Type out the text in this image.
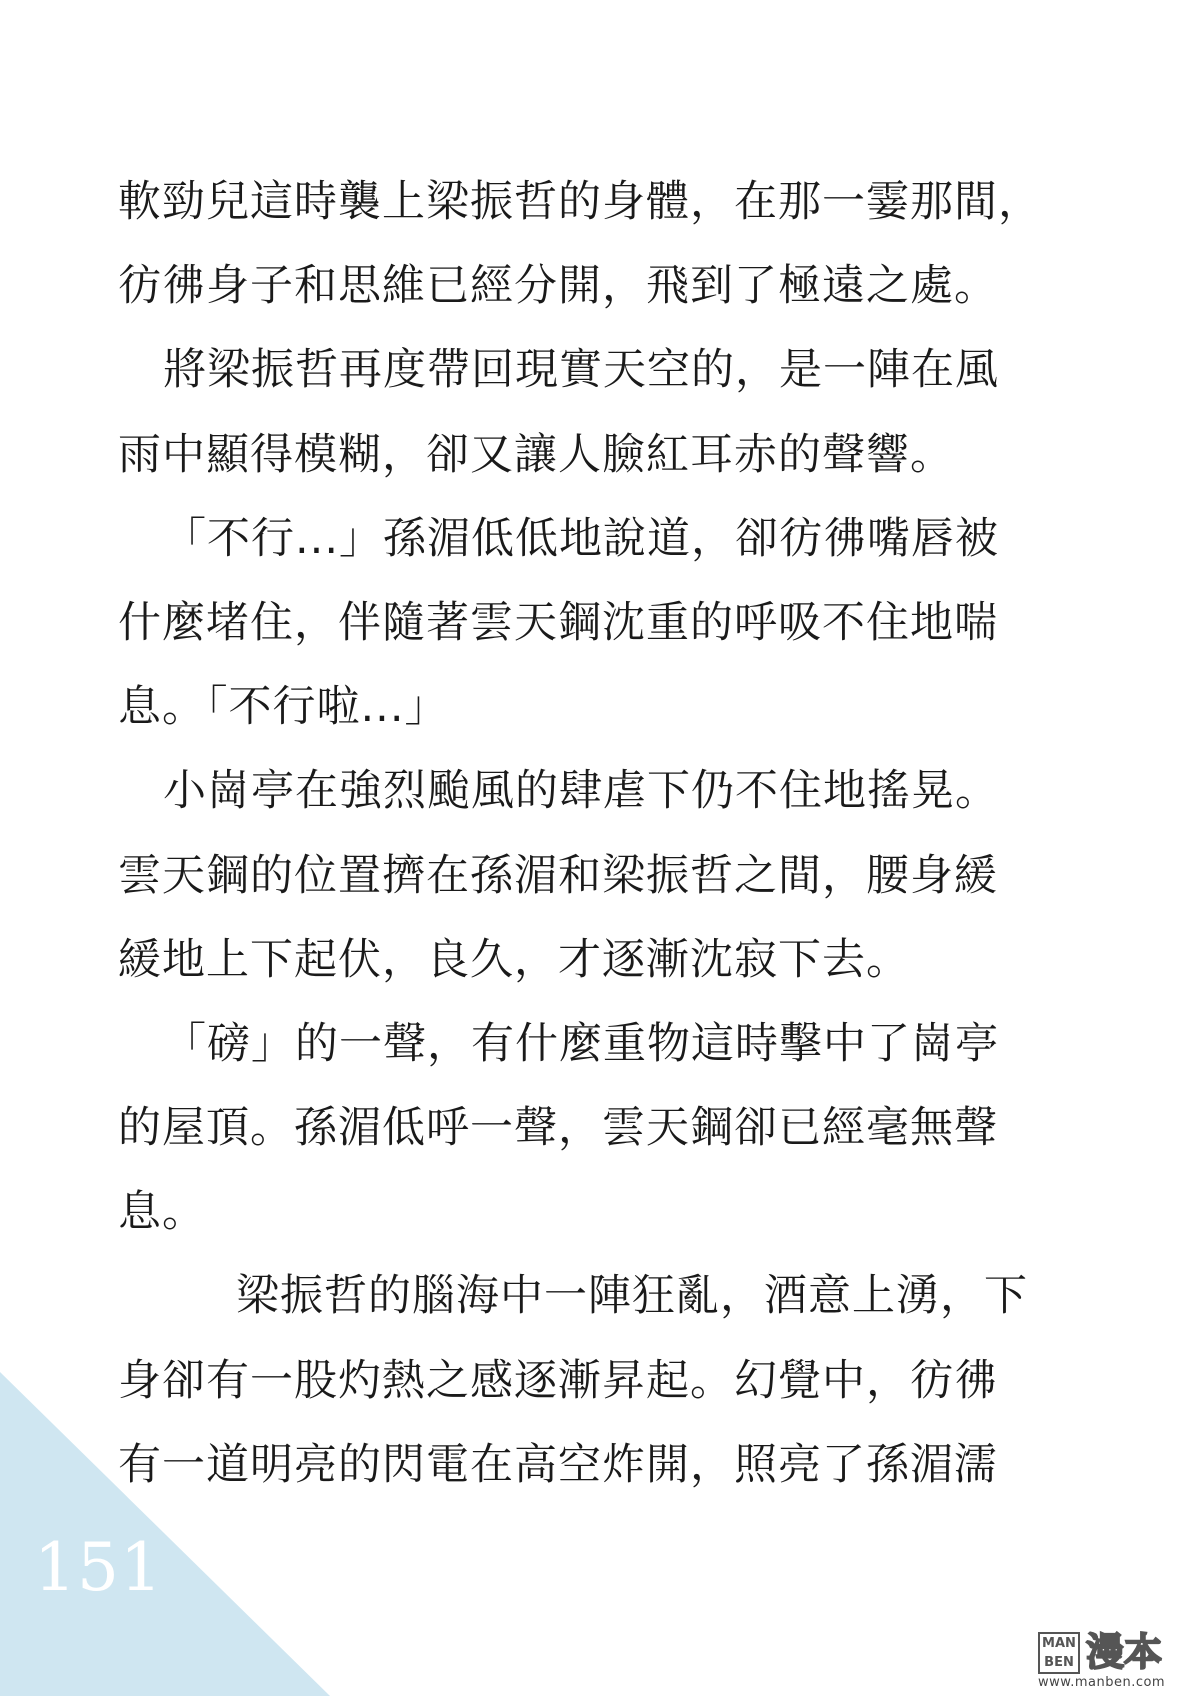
軟勁兒這時襲上梁振哲的身體，在那一霎那間，
彷彿身子和思維已經分開，飛到了極遠之處。
將梁振哲再度帶回現實天空的，是一陣在風
雨中顯得模糊，卻又讓人臉紅耳赤的聲響。
「不行...」孫湄低低地說道，卻彷彿嘴唇被
什麼堵住，伴隨著雲天鋼沈重的呼吸不住地喘
息。「不行啦...」
小崗亭在強烈颱風的肆虐下仍不住地搖晃。
雲天鋼的位置擠在孫湄和梁振哲之間，腰身緩
緩地上下起伏，良久，才逐漸沈寂下去。
「磅」的一聲，有什麼重物這時擊中了崗亭
的屋頂。孫湄低呼一聲，雲天鋼卻已經毫無聲
息。
梁振哲的腦海中一陣狂亂，酒意上湧，下
身卻有一股灼熱之感逐漸昇起。幻覺中，彷彿
有一道明亮的閃電在高空炸開，照亮了孫湄濡
151
MAN BEN 漫本
www.manben.com
